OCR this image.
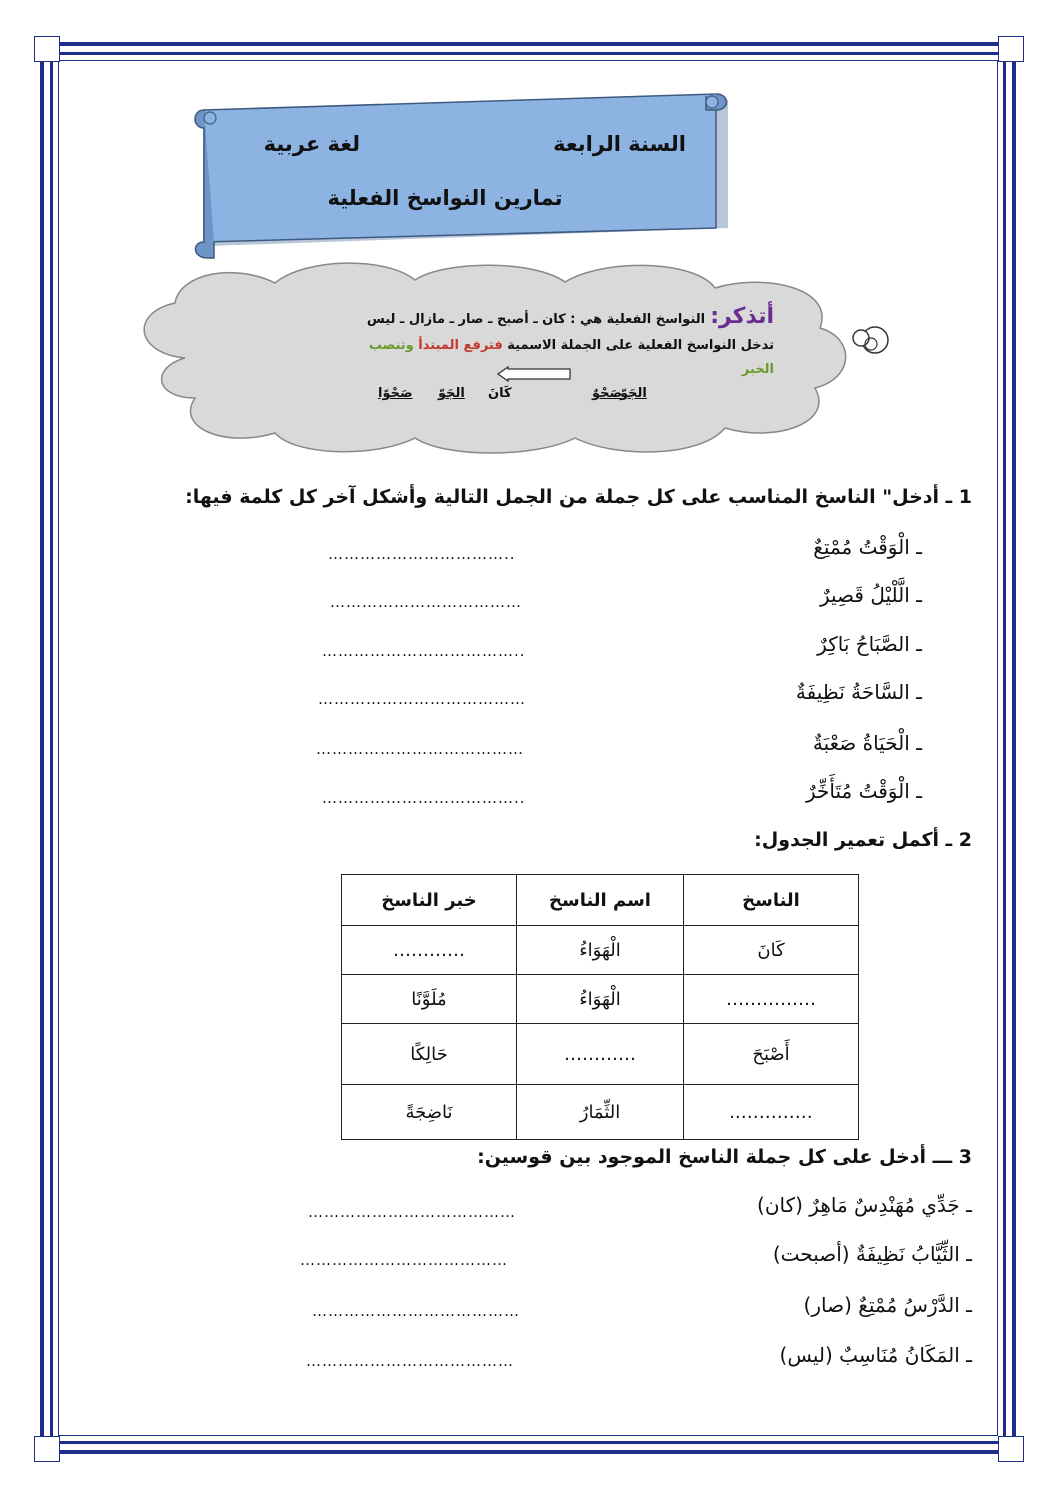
السنة الرابعة
لغة عربية
تمارين النواسخ الفعلية
أتذكر: النواسخ الفعلية هي : كان ـ أصبح ـ صار ـ مازال ـ ليس
تدخل النواسخ الفعلية على الجملة الاسمية فترفع المبتدأ وتنصب
الخبر
الجَوّ
صَحْوٌ
كَانَ
الجَوّ
صَحْوًا
1 ـ أدخل" الناسخ المناسب على كل جملة من الجمل التالية وأشكل آخر كل كلمة فيها:
ـ الْوَقْتُ مُمْتِعٌ
……………………………..
ـ الَّلْيْلُ قَصِيرٌ
………………………………
ـ الصَّبَاحُ بَاكِرٌ
………………………………..
ـ السَّاحَةُ نَظِيفَةٌ
…………………………………
ـ الْحَيَاةُ صَعْبَةٌ
…………………………………
ـ الْوَقْتُ مُتَأَخِّرٌ
………………………………..
2 ـ أكمل تعمير الجدول:
الناسخ	اسم الناسخ	خبر الناسخ
كَانَ	الْهَوَاءُ	…………
……………	الْهَوَاءُ	مُلَوَّنًا
أَصْبَحَ	…………	حَالِكًا
…………..	الثِّمَارُ	نَاضِجَةً
3 ـــ أدخل على كل جملة الناسخ الموجود بين قوسين:
ـ جَدِّي مُهَنْدِسٌ مَاهِرٌ (كان)
…………………………………
ـ الثِّيَّابُ نَظِيفَةٌ (أصبحت)
…………………………………
ـ الدَّرْسُ مُمْتِعٌ (صار)
…………………………………
ـ المَكَانُ مُنَاسِبٌ (ليس)
…………………………………
